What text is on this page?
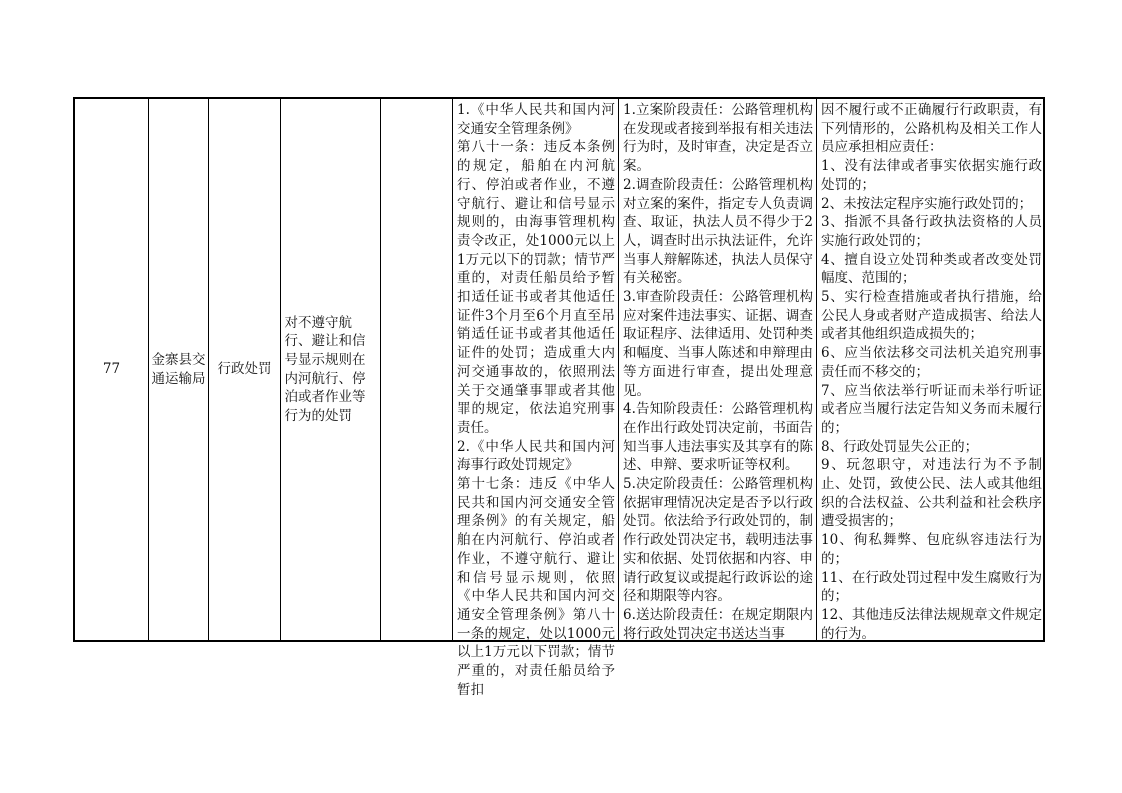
77
金寨县交通运输局
行政处罚
对不遵守航行、避让和信号显示规则在内河航行、停泊或者作业等行为的处罚

1.《中华人民共和国内河交通安全管理条例》

第八十一条：违反本条例的规定，船舶在内河航行、停泊或者作业，不遵守航行、避让和信号显示规则的，由海事管理机构责令改正，处1000元以上1万元以下的罚款；情节严重的，对责任船员给予暂扣适任证书或者其他适任证件3个月至6个月直至吊销适任证书或者其他适任证件的处罚；造成重大内河交通事故的，依照刑法关于交通肇事罪或者其他罪的规定，依法追究刑事责任。

2.《中华人民共和国内河海事行政处罚规定》

第十七条：违反《中华人民共和国内河交通安全管理条例》的有关规定，船舶在内河航行、停泊或者作业，不遵守航行、避让和信号显示规则，依照《中华人民共和国内河交通安全管理条例》第八十一条的规定，处以1000元以上1万元以下罚款；情节严重的，对责任船员给予暂扣

1.立案阶段责任：公路管理机构在发现或者接到举报有相关违法行为时，及时审查，决定是否立案。

2.调查阶段责任：公路管理机构对立案的案件，指定专人负责调查、取证，执法人员不得少于2人，调查时出示执法证件，允许当事人辩解陈述，执法人员保守有关秘密。

3.审查阶段责任：公路管理机构应对案件违法事实、证据、调查取证程序、法律适用、处罚种类和幅度、当事人陈述和申辩理由等方面进行审查，提出处理意见。

4.告知阶段责任：公路管理机构在作出行政处罚决定前，书面告知当事人违法事实及其享有的陈述、申辩、要求听证等权利。

5.决定阶段责任：公路管理机构依据审理情况决定是否予以行政处罚。依法给予行政处罚的，制作行政处罚决定书，载明违法事实和依据、处罚依据和内容、申请行政复议或提起行政诉讼的途径和期限等内容。

6.送达阶段责任：在规定期限内将行政处罚决定书送达当事

因不履行或不正确履行行政职责，有下列情形的，公路机构及相关工作人员应承担相应责任：

1、没有法律或者事实依据实施行政处罚的；

2、未按法定程序实施行政处罚的；

3、指派不具备行政执法资格的人员实施行政处罚的；

4、擅自设立处罚种类或者改变处罚幅度、范围的；

5、实行检查措施或者执行措施，给公民人身或者财产造成损害、给法人或者其他组织造成损失的；

6、应当依法移交司法机关追究刑事责任而不移交的；

7、应当依法举行听证而未举行听证或者应当履行法定告知义务而未履行的；

8、行政处罚显失公正的；

9、玩忽职守，对违法行为不予制止、处罚，致使公民、法人或其他组织的合法权益、公共利益和社会秩序遭受损害的；

10、徇私舞弊、包庇纵容违法行为的；

11、在行政处罚过程中发生腐败行为的；

12、其他违反法律法规规章文件规定的行为。
